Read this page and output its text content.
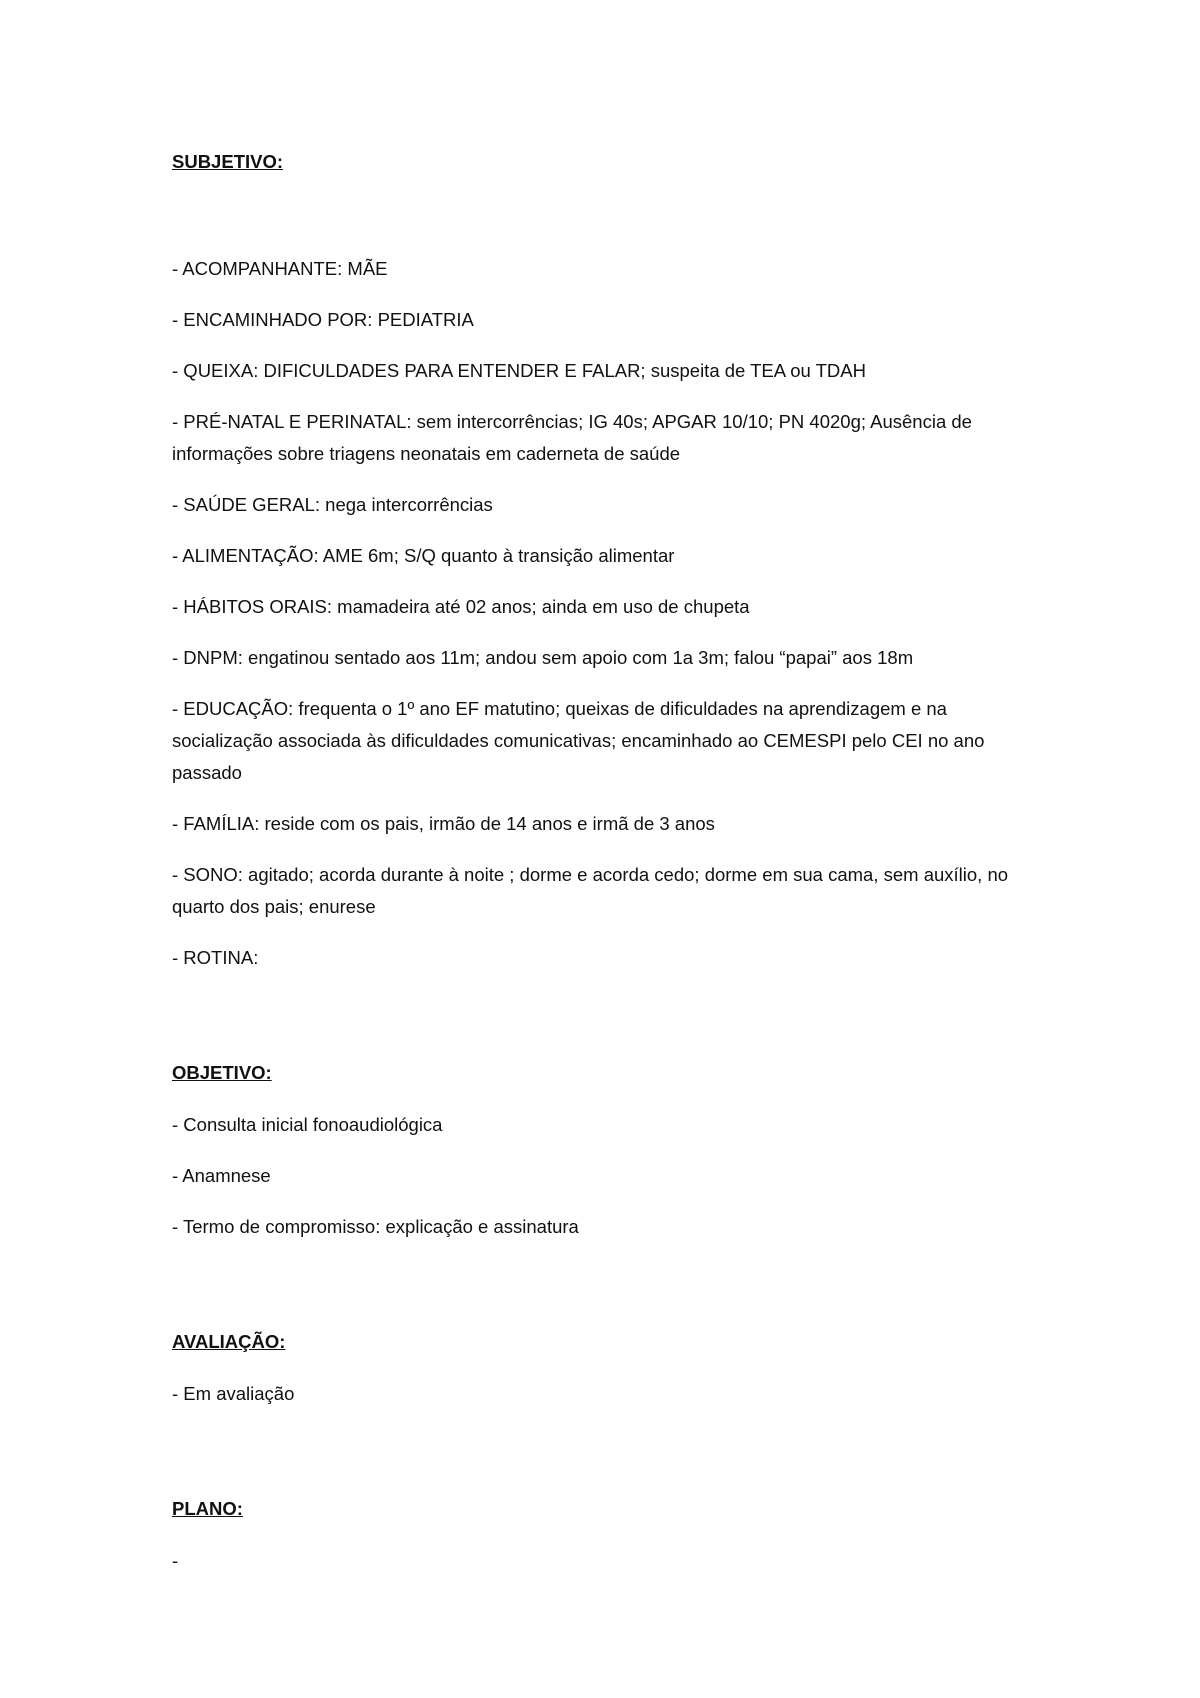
SUBJETIVO:

- ACOMPANHANTE: MÃE
- ENCAMINHADO POR: PEDIATRIA
- QUEIXA: DIFICULDADES PARA ENTENDER E FALAR; suspeita de TEA ou TDAH
- PRÉ-NATAL E PERINATAL: sem intercorrências; IG 40s; APGAR 10/10; PN 4020g; Ausência de informações sobre triagens neonatais em caderneta de saúde
- SAÚDE GERAL: nega intercorrências
- ALIMENTAÇÃO: AME 6m; S/Q quanto à transição alimentar
- HÁBITOS ORAIS: mamadeira até 02 anos; ainda em uso de chupeta
- DNPM: engatinou sentado aos 11m; andou sem apoio com 1a 3m; falou “papai” aos 18m
- EDUCAÇÃO: frequenta o 1º ano EF matutino; queixas de dificuldades na aprendizagem e na socialização associada às dificuldades comunicativas; encaminhado ao CEMESPI pelo CEI no ano passado
- FAMÍLIA: reside com os pais, irmão de 14 anos e irmã de 3 anos
- SONO: agitado; acorda durante à noite ; dorme e acorda cedo; dorme em sua cama, sem auxílio, no quarto dos pais; enurese
- ROTINA:

OBJETIVO:

- Consulta inicial fonoaudiológica
- Anamnese
- Termo de compromisso: explicação e assinatura

AVALIAÇÃO:

- Em avaliação

PLANO:

-
